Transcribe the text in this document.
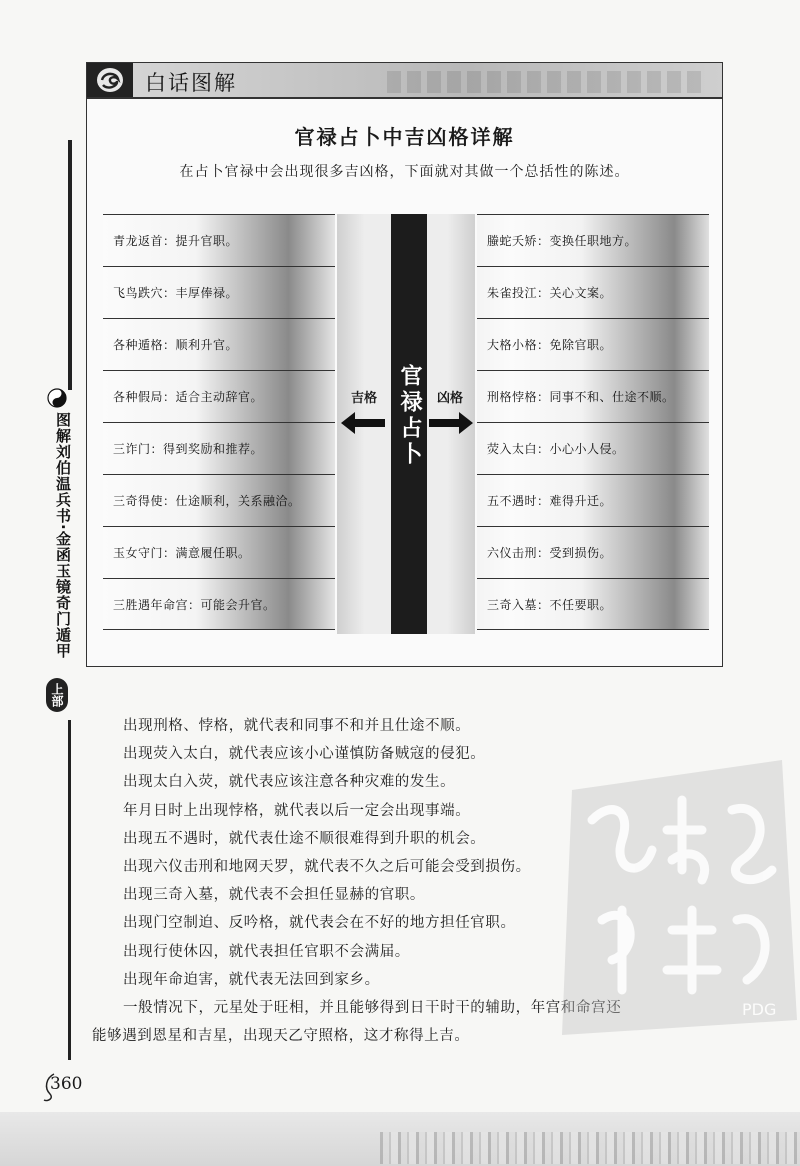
图解刘伯温兵书·金函玉镜奇门遁甲
上部
白话图解
官禄占卜中吉凶格详解
在占卜官禄中会出现很多吉凶格，下面就对其做一个总括性的陈述。
青龙返首：提升官职。
飞鸟跌穴：丰厚俸禄。
各种遁格：顺利升官。
各种假局：适合主动辞官。
三诈门：得到奖励和推荐。
三奇得使：仕途顺利，关系融洽。
玉女守门：满意履任职。
三胜遇年命宫：可能会升官。
官禄占卜
吉格	凶格
螣蛇夭矫：变换任职地方。
朱雀投江：关心文案。
大格小格：免除官职。
刑格悖格：同事不和、仕途不顺。
荧入太白：小心小人侵。
五不遇时：难得升迁。
六仪击刑：受到损伤。
三奇入墓：不任要职。

出现刑格、悖格，就代表和同事不和并且仕途不顺。

出现荧入太白，就代表应该小心谨慎防备贼寇的侵犯。

出现太白入荧，就代表应该注意各种灾难的发生。

年月日时上出现悖格，就代表以后一定会出现事端。

出现五不遇时，就代表仕途不顺很难得到升职的机会。

出现六仪击刑和地网天罗，就代表不久之后可能会受到损伤。

出现三奇入墓，就代表不会担任显赫的官职。

出现门空制迫、反吟格，就代表会在不好的地方担任官职。

出现行使休囚，就代表担任官职不会满届。

出现年命迫害，就代表无法回到家乡。

一般情况下，元星处于旺相，并且能够得到日干时干的辅助，年宫和命宫还

能够遇到恩星和吉星，出现天乙守照格，这才称得上吉。

PDG
360
